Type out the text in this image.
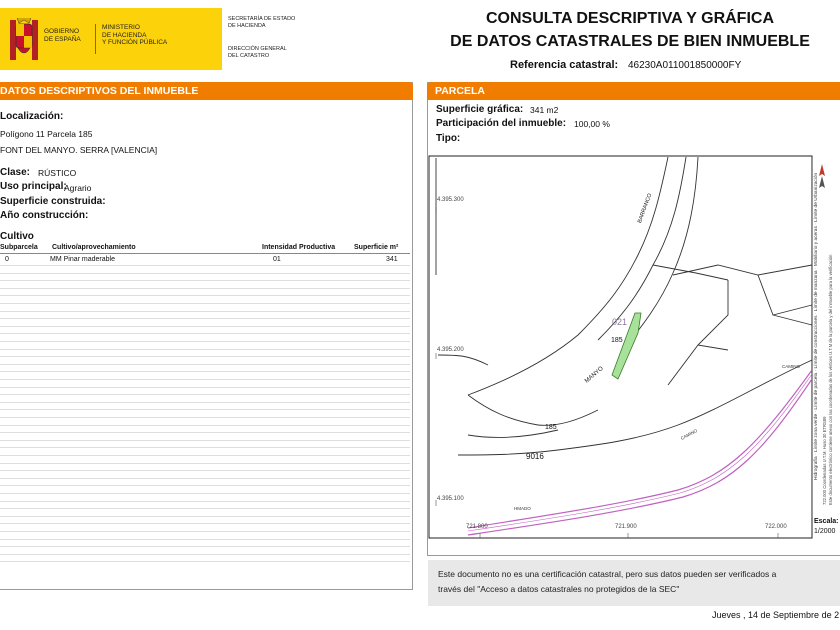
GOBIERNO
DE ESPAÑA
MINISTERIO
DE HACIENDA
Y FUNCIÓN PÚBLICA
SECRETARÍA DE ESTADO
DE HACIENDA
DIRECCIÓN GENERAL
DEL CATASTRO
CONSULTA DESCRIPTIVA Y GRÁFICA
DE DATOS CATASTRALES DE BIEN INMUEBLE
Referencia catastral: 46230A011001850000FY
DATOS DESCRIPTIVOS DEL INMUEBLE
Localización:
Polígono 11 Parcela 185
FONT DEL MANYO. SERRA [VALENCIA]
Clase: RÚSTICO
Uso principal:
Agrario
Superficie construida:
Año construcción:
Cultivo
Subparcela Cultivo/aprovechamiento	Intensidad Productiva	Superficie m²
0	MM Pinar maderable	01	341
PARCELA
Superficie gráfica: 341 m2
Participación del inmueble: 100,00 %
Tipo:
4.395.300
4.395.200
4.395.100
721.800	721.900	722.000
185
021
185
9016
BARRANCO
MANYO	CAMINO
CAMINO
HMADO
Hidrografía · Límite zona verde · Límite de parcela · Límite de construcciones · Límite de manzana · Mobiliario y aceras · Límite de Urbanización
722.000 Coordenadas U.T.M. Huso 30 ETRS89 Este documento electrónico contiene anexo con las coordenadas de los vértices U.T.M de la parcela y del inmueble para la verificación
Escala:
1/2000
Este documento no es una certificación catastral, pero sus datos pueden ser verificados a
través del "Acceso a datos catastrales no protegidos de la SEC"
Jueves , 14 de Septiembre de 2
